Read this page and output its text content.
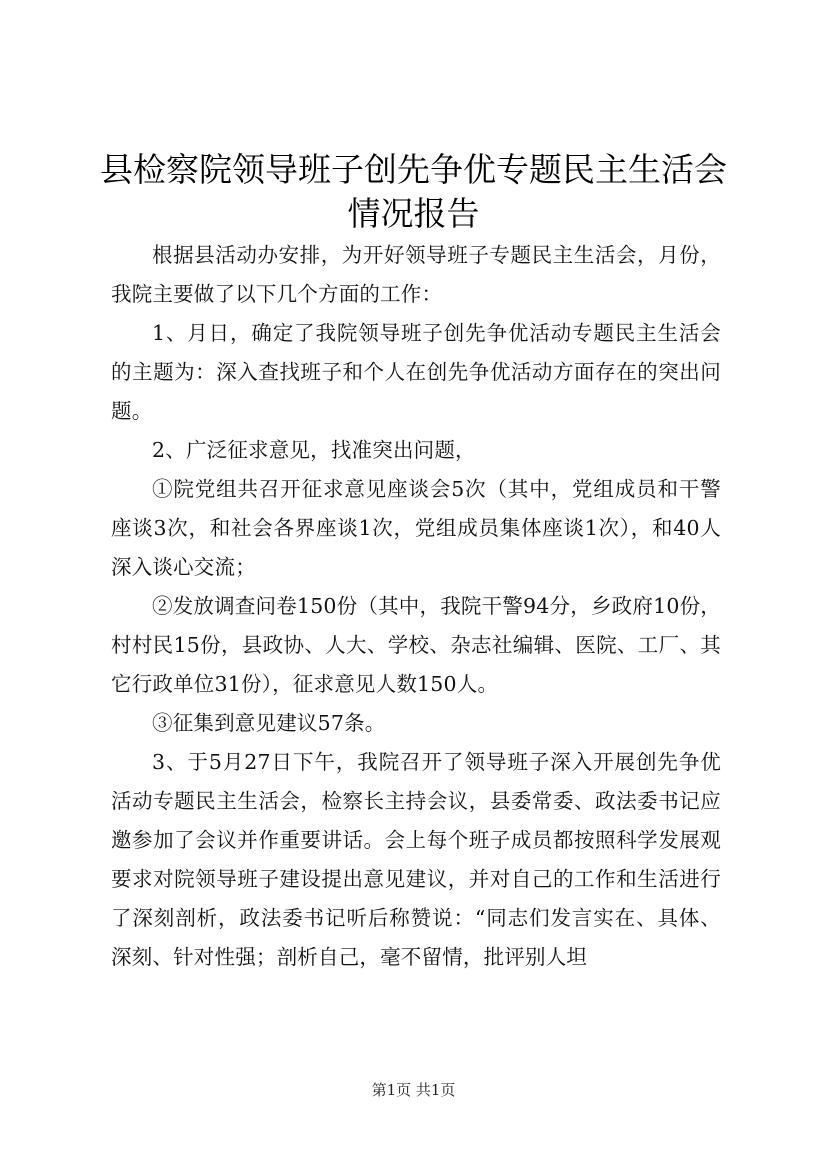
县检察院领导班子创先争优专题民主生活会情况报告

根据县活动办安排，为开好领导班子专题民主生活会，月份，我院主要做了以下几个方面的工作：

1、月日，确定了我院领导班子创先争优活动专题民主生活会的主题为：深入查找班子和个人在创先争优活动方面存在的突出问题。

2、广泛征求意见，找准突出问题，

①院党组共召开征求意见座谈会5次（其中，党组成员和干警座谈3次，和社会各界座谈1次，党组成员集体座谈1次），和40人深入谈心交流；

②发放调查问卷150份（其中，我院干警94分，乡政府10份，村村民15份，县政协、人大、学校、杂志社编辑、医院、工厂、其它行政单位31份），征求意见人数150人。

③征集到意见建议57条。

3、于5月27日下午，我院召开了领导班子深入开展创先争优活动专题民主生活会，检察长主持会议，县委常委、政法委书记应邀参加了会议并作重要讲话。会上每个班子成员都按照科学发展观要求对院领导班子建设提出意见建议，并对自己的工作和生活进行了深刻剖析，政法委书记听后称赞说：“同志们发言实在、具体、深刻、针对性强；剖析自己，毫不留情，批评别人坦

第1页 共1页
